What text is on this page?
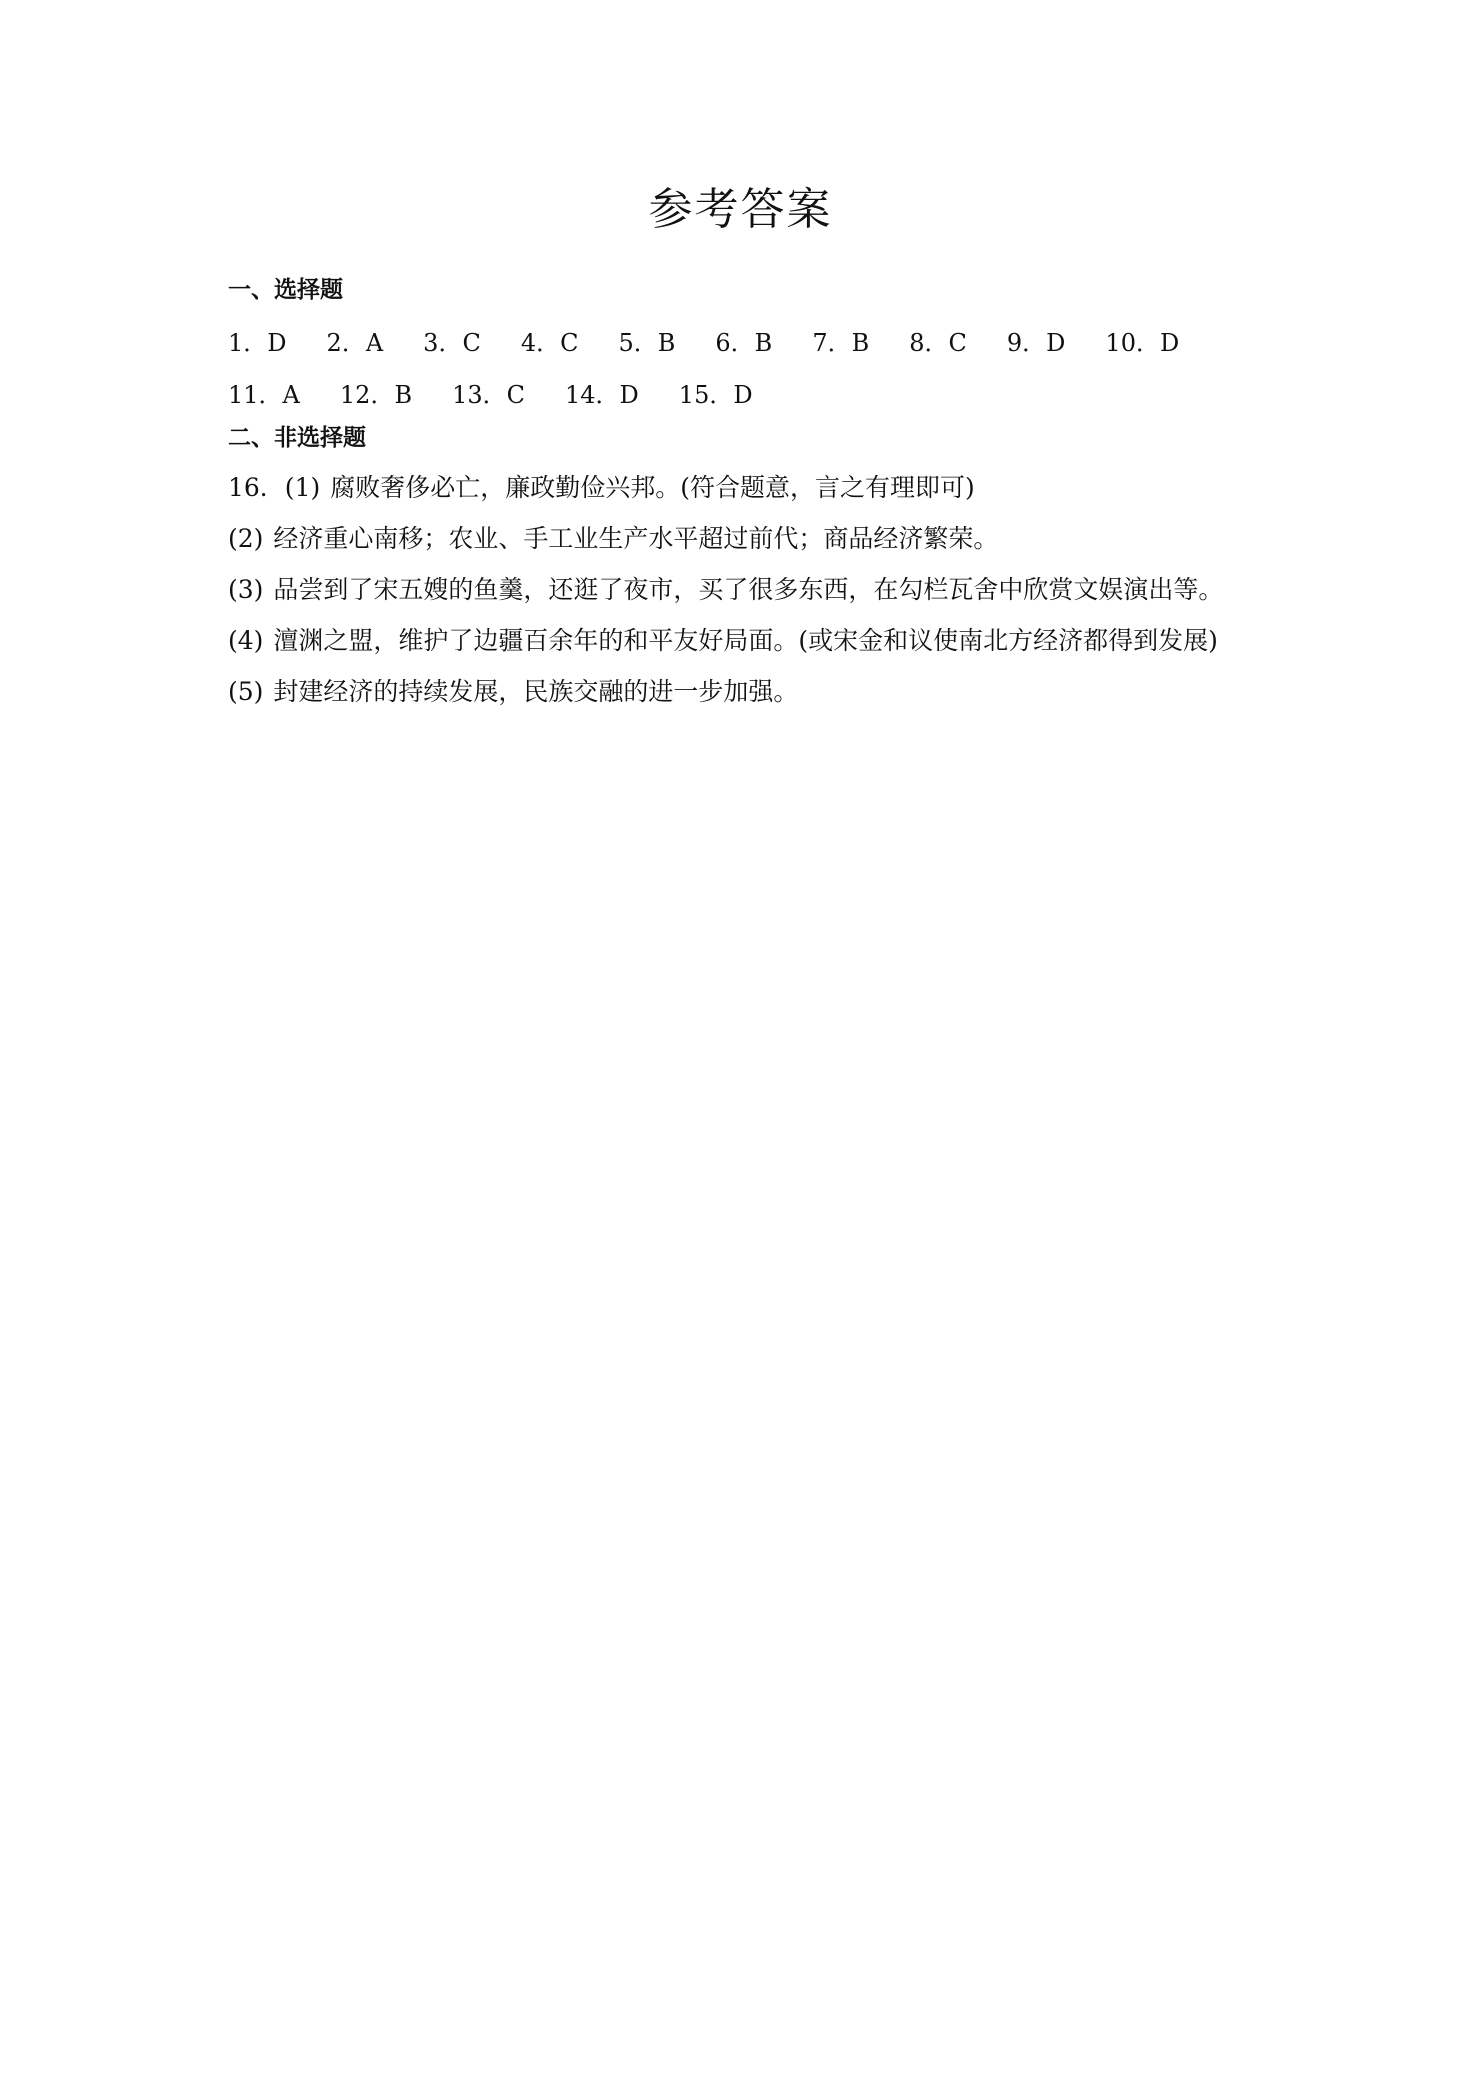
参考答案
一、选择题
1．D 2．A 3．C 4．C 5．B 6．B 7．B 8．C 9．D 10．D
11．A 12．B 13．C 14．D 15．D
二、非选择题
16．(1) 腐败奢侈必亡，廉政勤俭兴邦。(符合题意，言之有理即可)
(2) 经济重心南移；农业、手工业生产水平超过前代；商品经济繁荣。
(3) 品尝到了宋五嫂的鱼羹，还逛了夜市，买了很多东西，在勾栏瓦舍中欣赏文娱演出等。
(4) 澶渊之盟，维护了边疆百余年的和平友好局面。(或宋金和议使南北方经济都得到发展)
(5) 封建经济的持续发展，民族交融的进一步加强。
